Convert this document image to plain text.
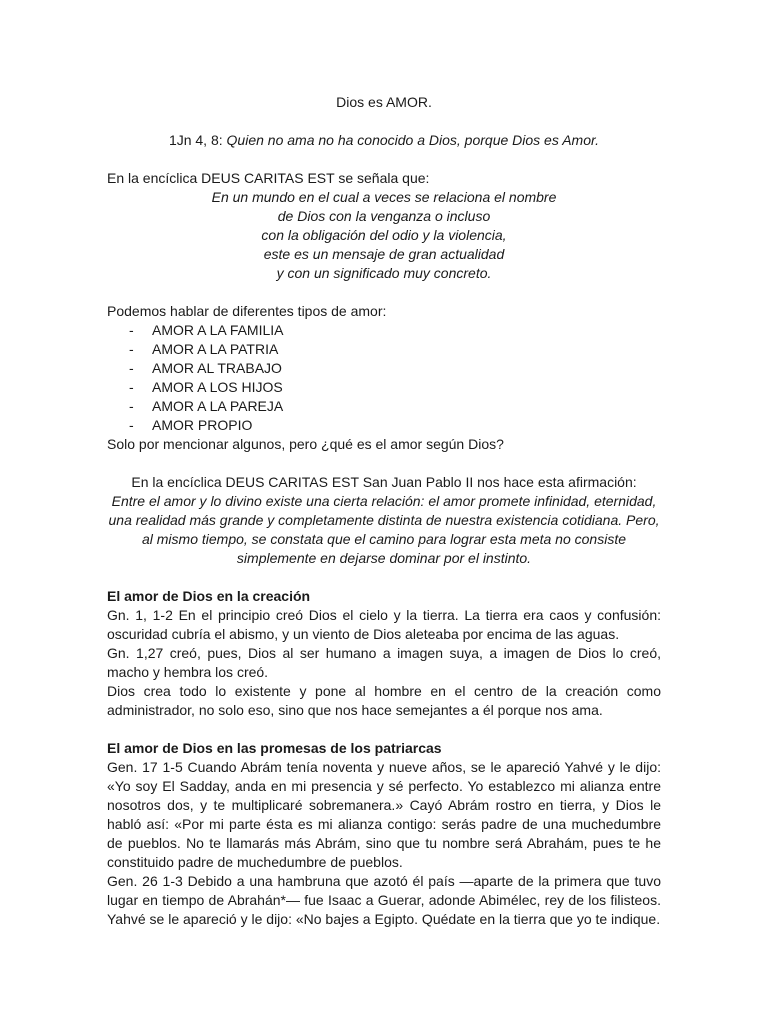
Dios es AMOR.

1Jn 4, 8: Quien no ama no ha conocido a Dios, porque Dios es Amor.

En la encíclica DEUS CARITAS EST se señala que:

En un mundo en el cual a veces se relaciona el nombre
de Dios con la venganza o incluso
con la obligación del odio y la violencia,
este es un mensaje de gran actualidad
y con un significado muy concreto.

Podemos hablar de diferentes tipos de amor:

- AMOR A LA FAMILIA
- AMOR A LA PATRIA
- AMOR AL TRABAJO
- AMOR A LOS HIJOS
- AMOR A LA PAREJA
- AMOR PROPIO

Solo por mencionar algunos, pero ¿qué es el amor según Dios?

En la encíclica DEUS CARITAS EST San Juan Pablo II nos hace esta afirmación:

Entre el amor y lo divino existe una cierta relación: el amor promete infinidad, eternidad,
una realidad más grande y completamente distinta de nuestra existencia cotidiana. Pero,
al mismo tiempo, se constata que el camino para lograr esta meta no consiste
simplemente en dejarse dominar por el instinto.

El amor de Dios en la creación

Gn. 1, 1-2 En el principio creó Dios el cielo y la tierra. La tierra era caos y confusión: oscuridad cubría el abismo, y un viento de Dios aleteaba por encima de las aguas.

Gn. 1,27 creó, pues, Dios al ser humano a imagen suya, a imagen de Dios lo creó, macho y hembra los creó.

Dios crea todo lo existente y pone al hombre en el centro de la creación como administrador, no solo eso, sino que nos hace semejantes a él porque nos ama.

El amor de Dios en las promesas de los patriarcas

Gen. 17 1-5 Cuando Abrám tenía noventa y nueve años, se le apareció Yahvé y le dijo: «Yo soy El Sadday, anda en mi presencia y sé perfecto. Yo establezco mi alianza entre nosotros dos, y te multiplicaré sobremanera.» Cayó Abrám rostro en tierra, y Dios le habló así: «Por mi parte ésta es mi alianza contigo: serás padre de una muchedumbre de pueblos. No te llamarás más Abrám, sino que tu nombre será Abrahám, pues te he constituido padre de muchedumbre de pueblos.

Gen. 26 1-3 Debido a una hambruna que azotó él país —aparte de la primera que tuvo lugar en tiempo de Abrahán*— fue Isaac a Guerar, adonde Abimélec, rey de los filisteos. Yahvé se le apareció y le dijo: «No bajes a Egipto. Quédate en la tierra que yo te indique.
